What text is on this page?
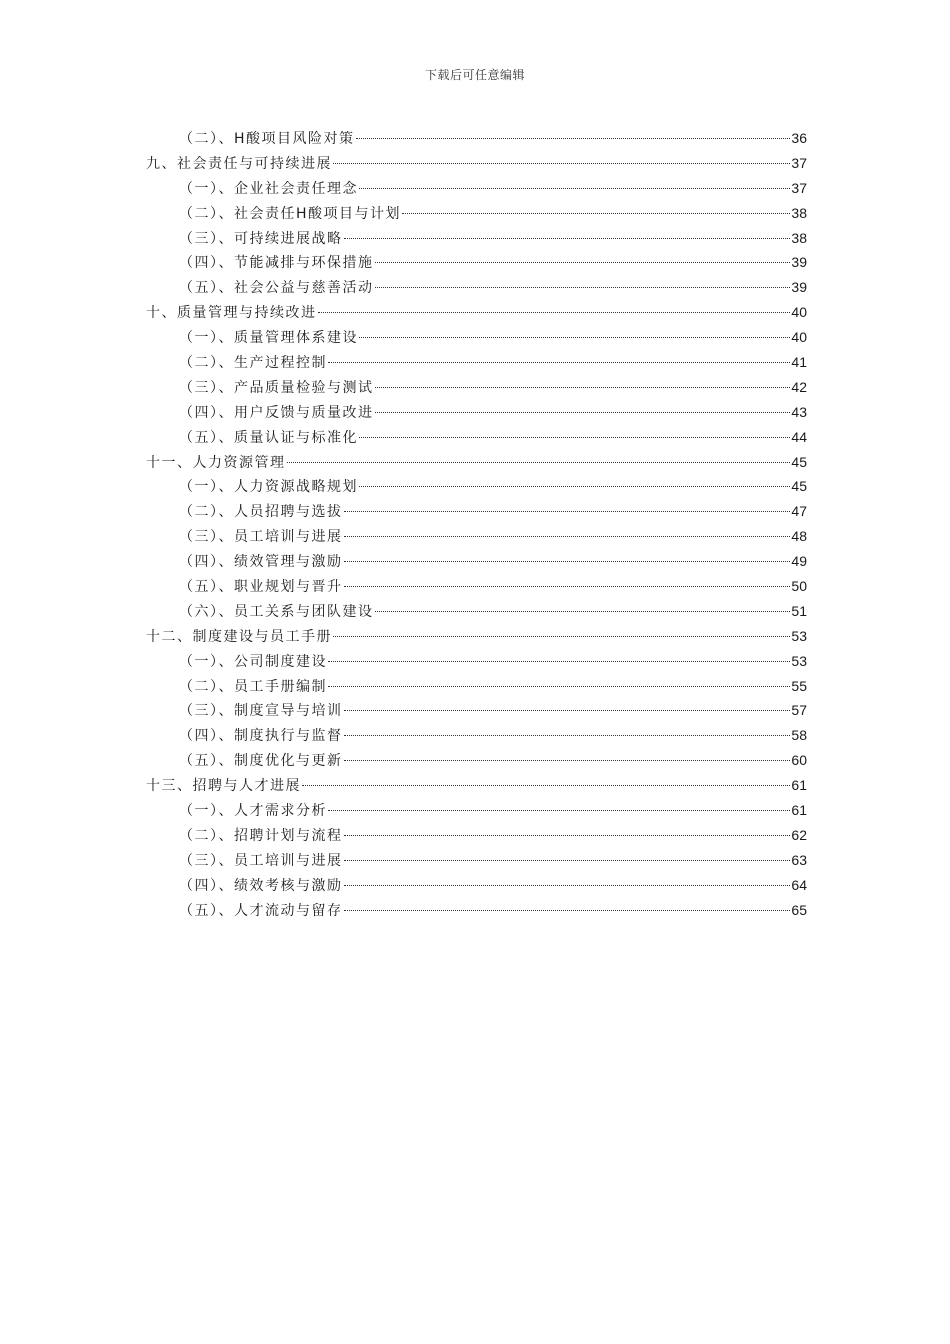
下载后可任意编辑
（二）、H酸项目风险对策	36
九、社会责任与可持续进展	37
（一）、企业社会责任理念	37
（二）、社会责任H酸项目与计划	38
（三）、可持续进展战略	38
（四）、节能减排与环保措施	39
（五）、社会公益与慈善活动	39
十、质量管理与持续改进	40
（一）、质量管理体系建设	40
（二）、生产过程控制	41
（三）、产品质量检验与测试	42
（四）、用户反馈与质量改进	43
（五）、质量认证与标准化	44
十一、人力资源管理	45
（一）、人力资源战略规划	45
（二）、人员招聘与选拔	47
（三）、员工培训与进展	48
（四）、绩效管理与激励	49
（五）、职业规划与晋升	50
（六）、员工关系与团队建设	51
十二、制度建设与员工手册	53
（一）、公司制度建设	53
（二）、员工手册编制	55
（三）、制度宣导与培训	57
（四）、制度执行与监督	58
（五）、制度优化与更新	60
十三、招聘与人才进展	61
（一）、人才需求分析	61
（二）、招聘计划与流程	62
（三）、员工培训与进展	63
（四）、绩效考核与激励	64
（五）、人才流动与留存	65
